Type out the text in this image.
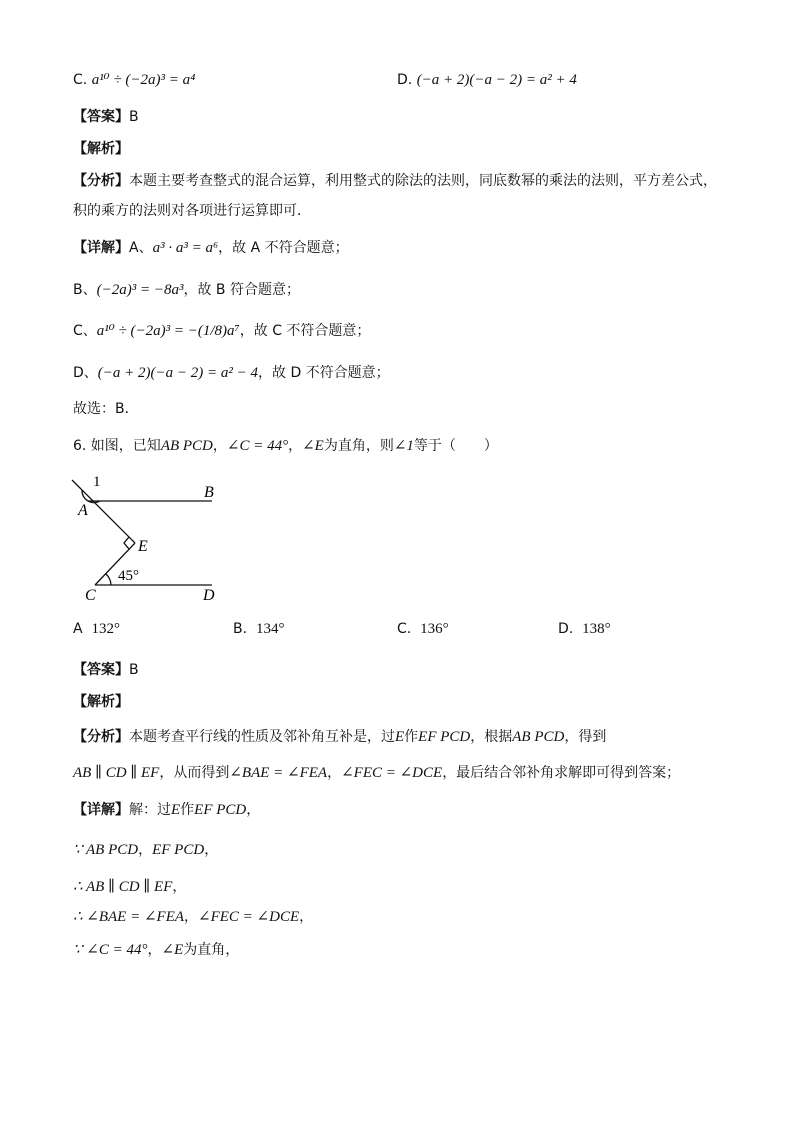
C. a¹⁰ ÷ (−2a)³ = a⁴	D. (−a + 2)(−a − 2) = a² + 4
【答案】B
【解析】
【分析】本题主要考查整式的混合运算，利用整式的除法的法则，同底数幂的乘法的法则，平方差公式，
积的乘方的法则对各项进行运算即可．
【详解】A、a³ · a³ = a⁶，故 A 不符合题意；
B、(−2a)³ = −8a³，故 B 符合题意；
C、a¹⁰ ÷ (−2a)³ = −(1/8)a⁷，故 C 不符合题意；
D、(−a + 2)(−a − 2) = a² − 4，故 D 不符合题意；
故选：B．
6. 如图，已知AB PCD，∠C = 44°，∠E为直角，则∠1等于（　　）
1
A
B
E
45°
C	D
A 132°	B. 134°	C. 136°	D. 138°
【答案】B
【解析】
【分析】本题考查平行线的性质及邻补角互补是，过E作EF PCD，根据AB PCD，得到
AB ∥ CD ∥ EF，从而得到∠BAE = ∠FEA，∠FEC = ∠DCE，最后结合邻补角求解即可得到答案；
【详解】解：过E作EF PCD，
∵ AB PCD，EF PCD，
∴ AB ∥ CD ∥ EF，
∴ ∠BAE = ∠FEA，∠FEC = ∠DCE，
∵ ∠C = 44°，∠E为直角，
